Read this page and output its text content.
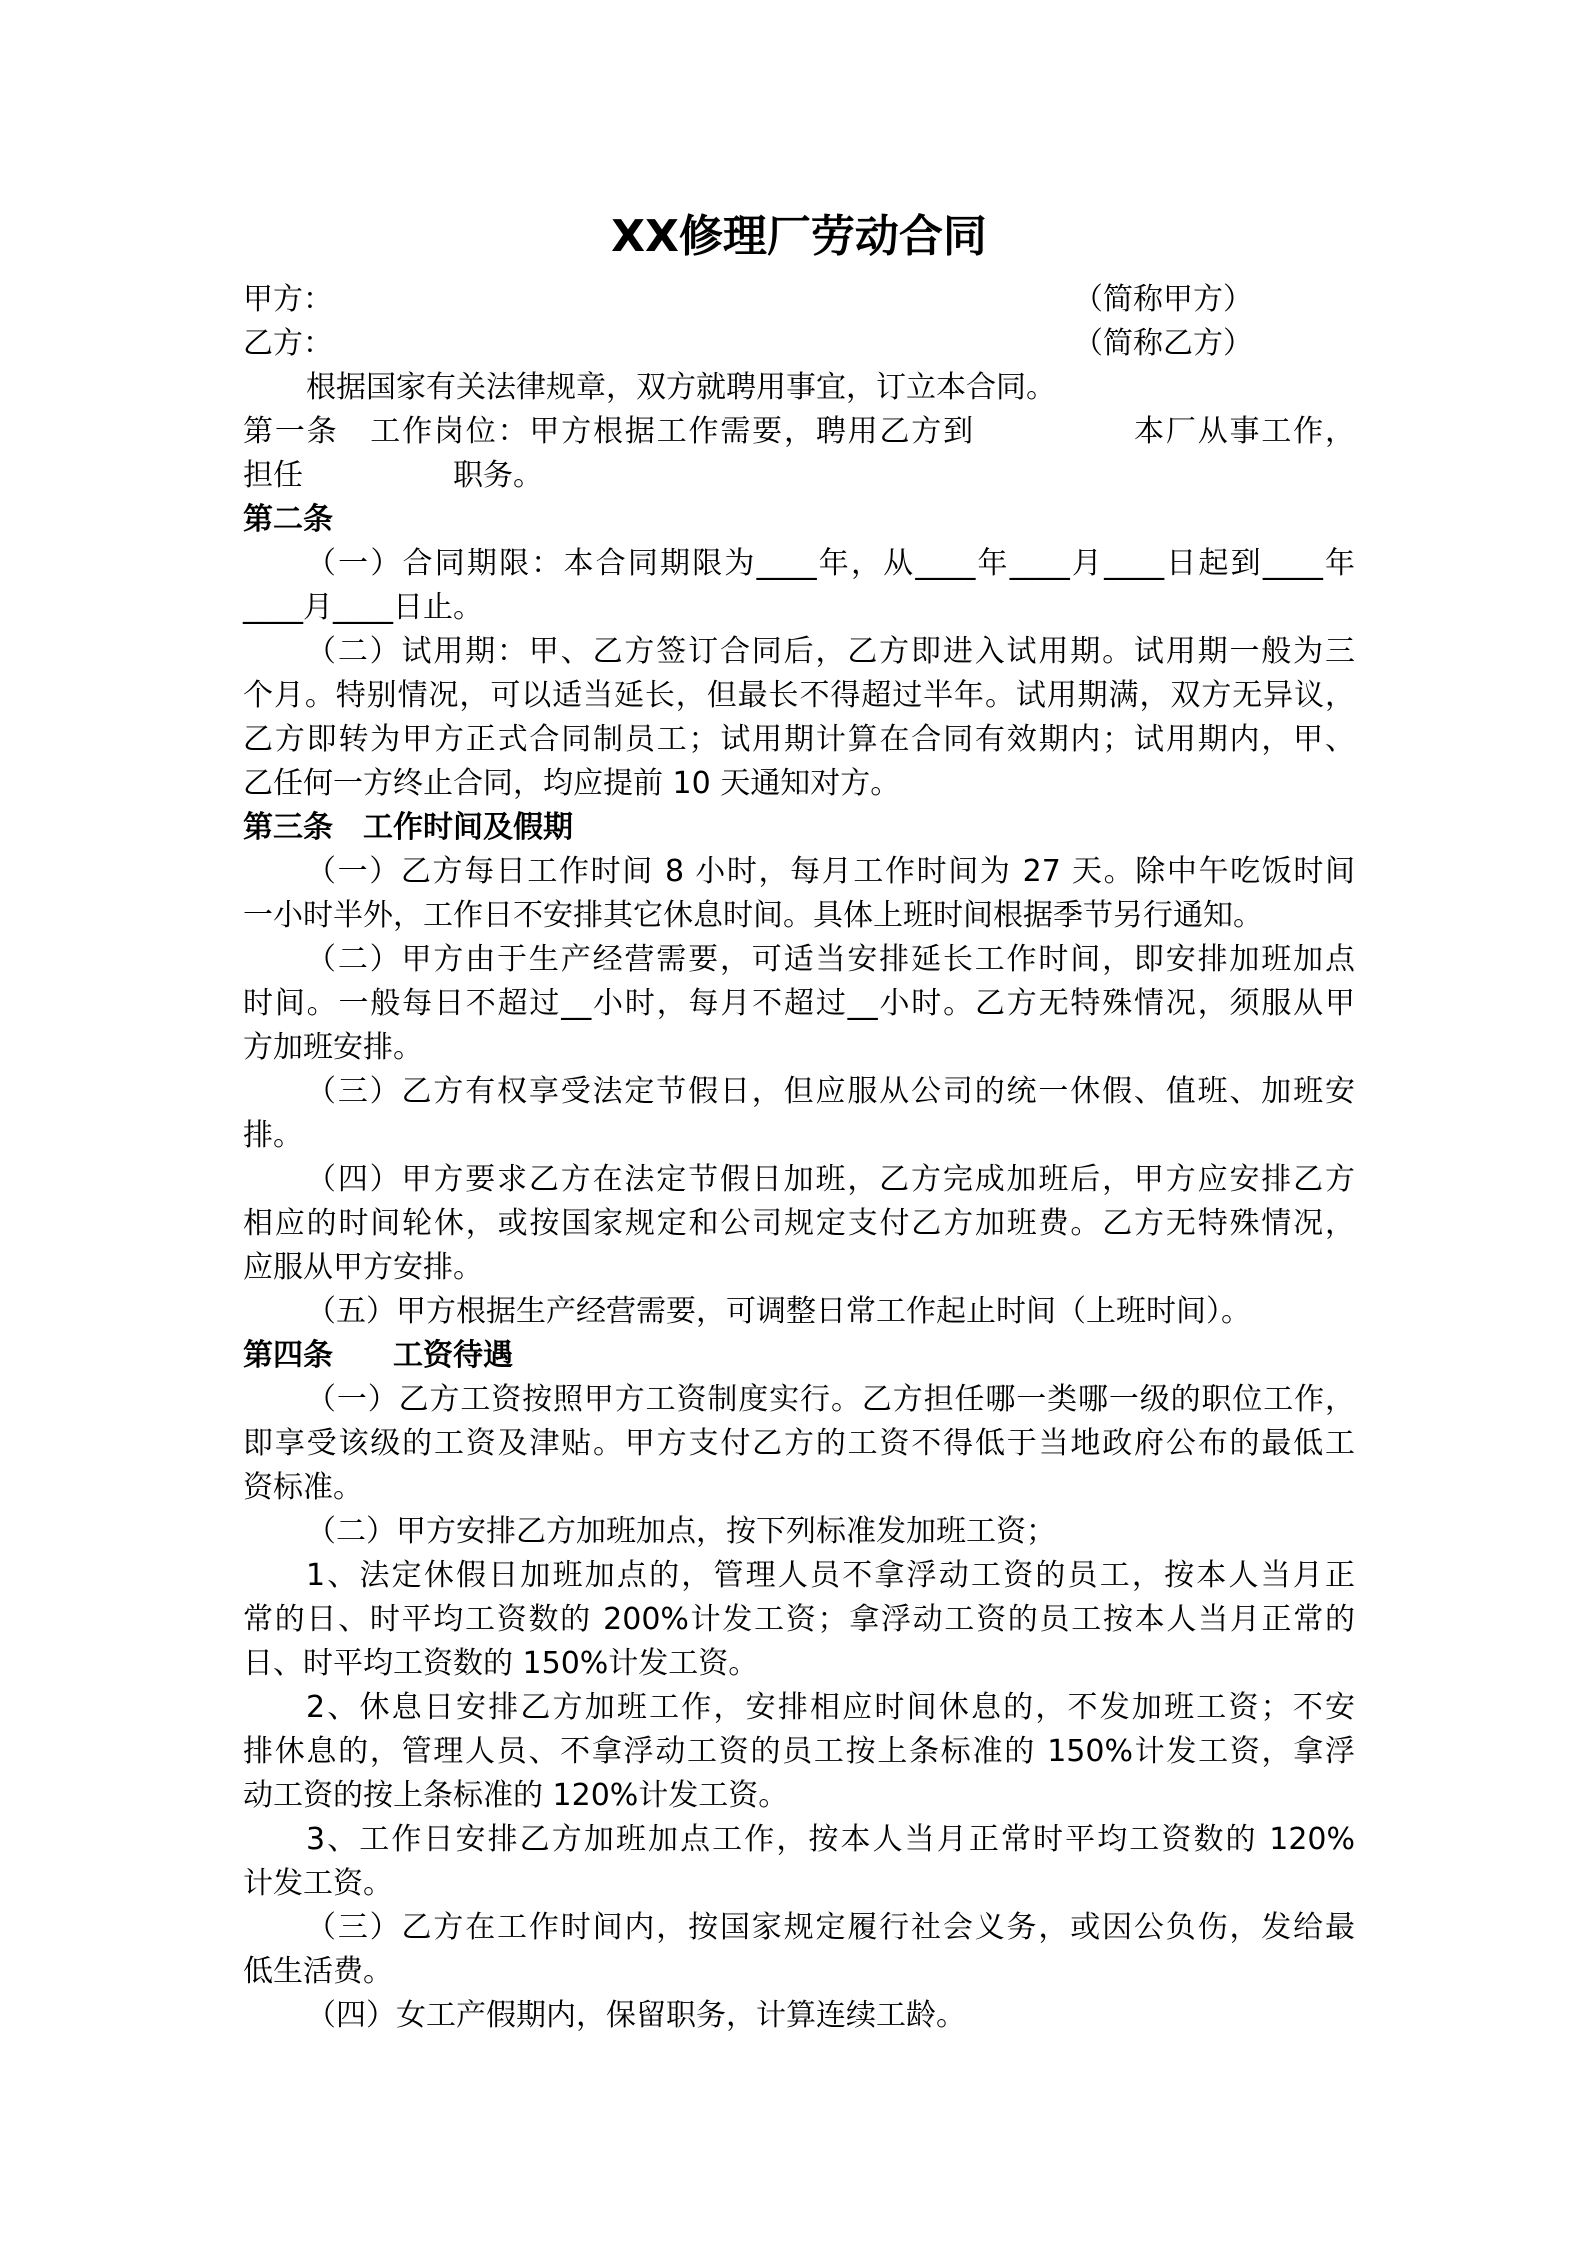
XX修理厂劳动合同
甲方：	（简称甲方）
乙方：	（简称乙方）
根据国家有关法律规章，双方就聘用事宜，订立本合同。
第一条　工作岗位：甲方根据工作需要，聘用乙方到　　　　　本厂从事工作，
担任　　　　　职务。
第二条
（一）合同期限：本合同期限为____年，从____年____月____日起到____年
____月____日止。
（二）试用期：甲、乙方签订合同后，乙方即进入试用期。试用期一般为三
个月。特别情况，可以适当延长，但最长不得超过半年。试用期满，双方无异议，
乙方即转为甲方正式合同制员工；试用期计算在合同有效期内；试用期内，甲、
乙任何一方终止合同，均应提前 10 天通知对方。
第三条　工作时间及假期
（一）乙方每日工作时间 8 小时，每月工作时间为 27 天。除中午吃饭时间
一小时半外，工作日不安排其它休息时间。具体上班时间根据季节另行通知。
（二）甲方由于生产经营需要，可适当安排延长工作时间，即安排加班加点
时间。一般每日不超过__小时，每月不超过__小时。乙方无特殊情况，须服从甲
方加班安排。
（三）乙方有权享受法定节假日，但应服从公司的统一休假、值班、加班安
排。
（四）甲方要求乙方在法定节假日加班，乙方完成加班后，甲方应安排乙方
相应的时间轮休，或按国家规定和公司规定支付乙方加班费。乙方无特殊情况，
应服从甲方安排。
（五）甲方根据生产经营需要，可调整日常工作起止时间（上班时间）。
第四条　　工资待遇
（一）乙方工资按照甲方工资制度实行。乙方担任哪一类哪一级的职位工作，
即享受该级的工资及津贴。甲方支付乙方的工资不得低于当地政府公布的最低工
资标准。
（二）甲方安排乙方加班加点，按下列标准发加班工资；
1、法定休假日加班加点的，管理人员不拿浮动工资的员工，按本人当月正
常的日、时平均工资数的 200%计发工资；拿浮动工资的员工按本人当月正常的
日、时平均工资数的 150%计发工资。
2、休息日安排乙方加班工作，安排相应时间休息的，不发加班工资；不安
排休息的，管理人员、不拿浮动工资的员工按上条标准的 150%计发工资，拿浮
动工资的按上条标准的 120%计发工资。
3、工作日安排乙方加班加点工作，按本人当月正常时平均工资数的 120%
计发工资。
（三）乙方在工作时间内，按国家规定履行社会义务，或因公负伤，发给最
低生活费。
（四）女工产假期内，保留职务，计算连续工龄。
